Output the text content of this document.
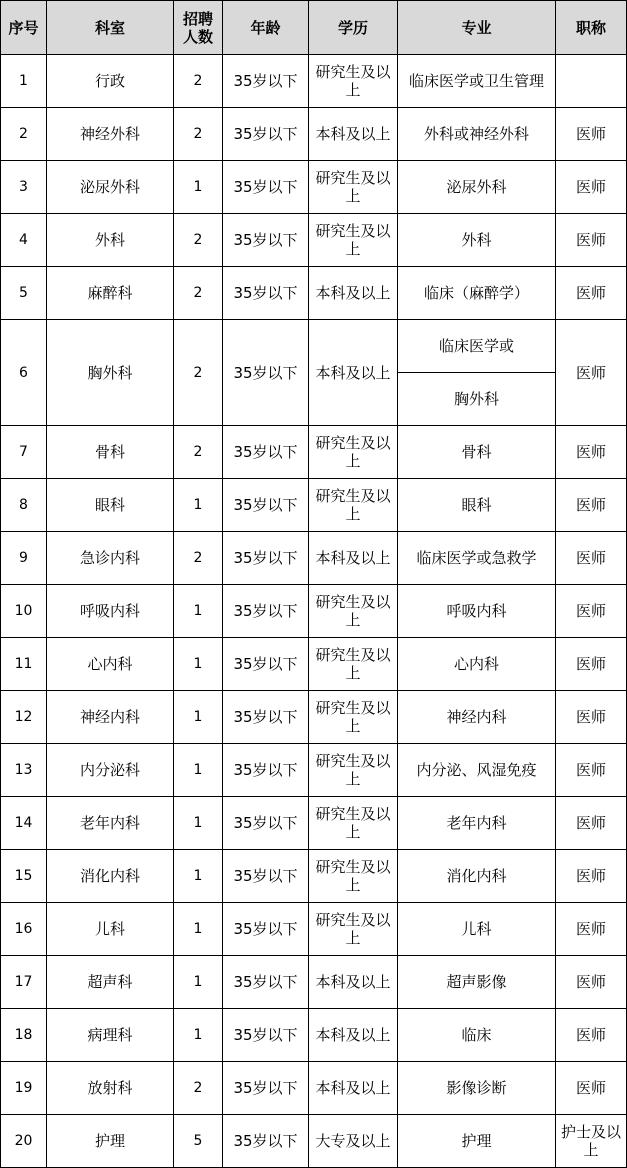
序号	科室	招聘人数	年龄	学历	专业	职称
1	行政	2	35岁以下	研究生及以上	临床医学或卫生管理	
2	神经外科	2	35岁以下	本科及以上	外科或神经外科	医师
3	泌尿外科	1	35岁以下	研究生及以上	泌尿外科	医师
4	外科	2	35岁以下	研究生及以上	外科	医师
5	麻醉科	2	35岁以下	本科及以上	临床（麻醉学）	医师
6	胸外科	2	35岁以下	本科及以上	临床医学或	医师
					胸外科	
7	骨科	2	35岁以下	研究生及以上	骨科	医师
8	眼科	1	35岁以下	研究生及以上	眼科	医师
9	急诊内科	2	35岁以下	本科及以上	临床医学或急救学	医师
10	呼吸内科	1	35岁以下	研究生及以上	呼吸内科	医师
11	心内科	1	35岁以下	研究生及以上	心内科	医师
12	神经内科	1	35岁以下	研究生及以上	神经内科	医师
13	内分泌科	1	35岁以下	研究生及以上	内分泌、风湿免疫	医师
14	老年内科	1	35岁以下	研究生及以上	老年内科	医师
15	消化内科	1	35岁以下	研究生及以上	消化内科	医师
16	儿科	1	35岁以下	研究生及以上	儿科	医师
17	超声科	1	35岁以下	本科及以上	超声影像	医师
18	病理科	1	35岁以下	本科及以上	临床	医师
19	放射科	2	35岁以下	本科及以上	影像诊断	医师
20	护理	5	35岁以下	大专及以上	护理	护士及以上
